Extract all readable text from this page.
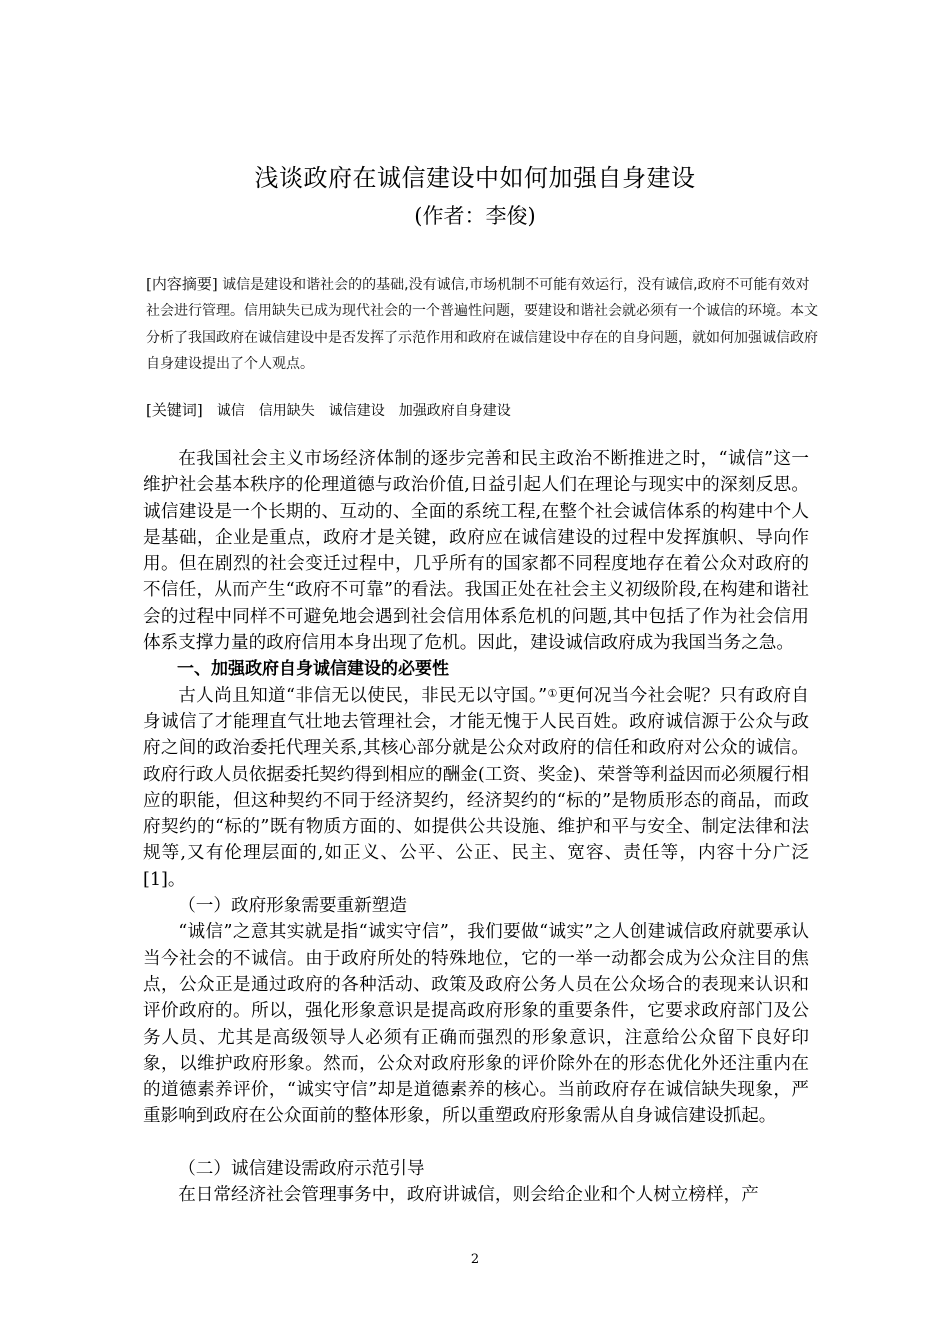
浅谈政府在诚信建设中如何加强自身建设
(作者：李俊)
[内容摘要] 诚信是建设和谐社会的的基础,没有诚信,市场机制不可能有效运行，没有诚信,政府不可能有效对社会进行管理。信用缺失已成为现代社会的一个普遍性问题，要建设和谐社会就必须有一个诚信的环境。本文分析了我国政府在诚信建设中是否发挥了示范作用和政府在诚信建设中存在的自身问题，就如何加强诚信政府自身建设提出了个人观点。
[关键词] 诚信 信用缺失 诚信建设 加强政府自身建设

在我国社会主义市场经济体制的逐步完善和民主政治不断推进之时，“诚信”这一维护社会基本秩序的伦理道德与政治价值,日益引起人们在理论与现实中的深刻反思。诚信建设是一个长期的、互动的、全面的系统工程,在整个社会诚信体系的构建中个人是基础，企业是重点，政府才是关键，政府应在诚信建设的过程中发挥旗帜、导向作用。但在剧烈的社会变迁过程中，几乎所有的国家都不同程度地存在着公众对政府的不信任，从而产生“政府不可靠”的看法。我国正处在社会主义初级阶段,在构建和谐社会的过程中同样不可避免地会遇到社会信用体系危机的问题,其中包括了作为社会信用体系支撑力量的政府信用本身出现了危机。因此，建设诚信政府成为我国当务之急。

一、加强政府自身诚信建设的必要性

古人尚且知道“非信无以使民，非民无以守国。”①更何况当今社会呢？只有政府自身诚信了才能理直气壮地去管理社会，才能无愧于人民百姓。政府诚信源于公众与政府之间的政治委托代理关系,其核心部分就是公众对政府的信任和政府对公众的诚信。政府行政人员依据委托契约得到相应的酬金(工资、奖金)、荣誉等利益因而必须履行相应的职能，但这种契约不同于经济契约，经济契约的“标的”是物质形态的商品，而政府契约的“标的”既有物质方面的、如提供公共设施、维护和平与安全、制定法律和法规等,又有伦理层面的,如正义、公平、公正、民主、宽容、责任等，内容十分广泛[1]。

（一）政府形象需要重新塑造

“诚信”之意其实就是指“诚实守信”，我们要做“诚实”之人创建诚信政府就要承认当今社会的不诚信。由于政府所处的特殊地位，它的一举一动都会成为公众注目的焦点，公众正是通过政府的各种活动、政策及政府公务人员在公众场合的表现来认识和评价政府的。所以，强化形象意识是提高政府形象的重要条件，它要求政府部门及公务人员、尤其是高级领导人必须有正确而强烈的形象意识，注意给公众留下良好印象，以维护政府形象。然而，公众对政府形象的评价除外在的形态优化外还注重内在的道德素养评价，“诚实守信”却是道德素养的核心。当前政府存在诚信缺失现象，严重影响到政府在公众面前的整体形象，所以重塑政府形象需从自身诚信建设抓起。

（二）诚信建设需政府示范引导

在日常经济社会管理事务中，政府讲诚信，则会给企业和个人树立榜样，产

2
